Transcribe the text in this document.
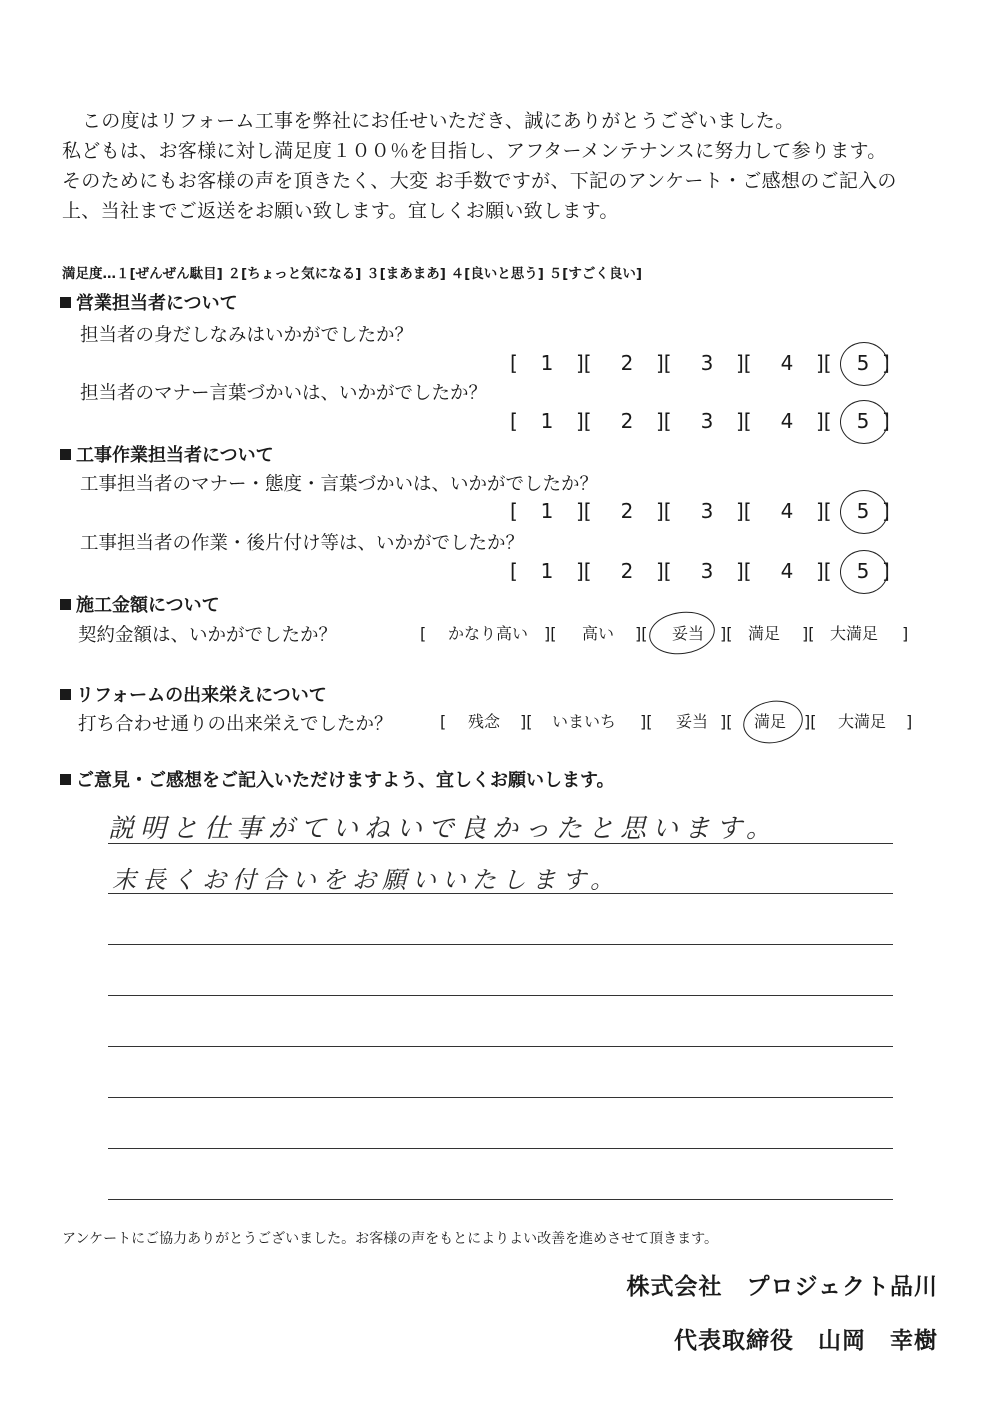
この度はリフォーム工事を弊社にお任せいただき、誠にありがとうございました。
私どもは、お客様に対し満足度１００％を目指し、アフターメンテナンスに努力して参ります。
そのためにもお客様の声を頂きたく、大変 お手数ですが、下記のアンケート・ご感想のご記入の
上、当社までご返送をお願い致します。宜しくお願い致します。
満足度…１[ぜんぜん駄目] ２[ちょっと気になる] ３[まあまあ] ４[良いと思う] ５[すごく良い]
営業担当者について
担当者の身だしなみはいかがでしたか？
[	][	][	][	][	]
1	2	3	4	5
担当者のマナー言葉づかいは、いかがでしたか？
[	][	][	][	][	]
1	2	3	4	5
工事作業担当者について
工事担当者のマナー・態度・言葉づかいは、いかがでしたか？
[	][	][	][	][	]
1	2	3	4	5
工事担当者の作業・後片付け等は、いかがでしたか？
[	][	][	][	][	]
1	2	3	4	5
施工金額について
契約金額は、いかがでしたか？	[ かなり高い ][ 高い ][ 妥当 ][ 満足 ][ 大満足 ]
リフォームの出来栄えについて
打ち合わせ通りの出来栄えでしたか？	[ 残念 ][ いまいち ][ 妥当 ][ 満足 ][ 大満足 ]
ご意見・ご感想をご記入いただけますよう、宜しくお願いします。
説明と仕事がていねいで良かったと思います。
末長くお付合いをお願いいたします。
アンケートにご協力ありがとうございました。お客様の声をもとによりよい改善を進めさせて頂きます。
株式会社　プロジェクト品川
代表取締役　山岡　幸樹
